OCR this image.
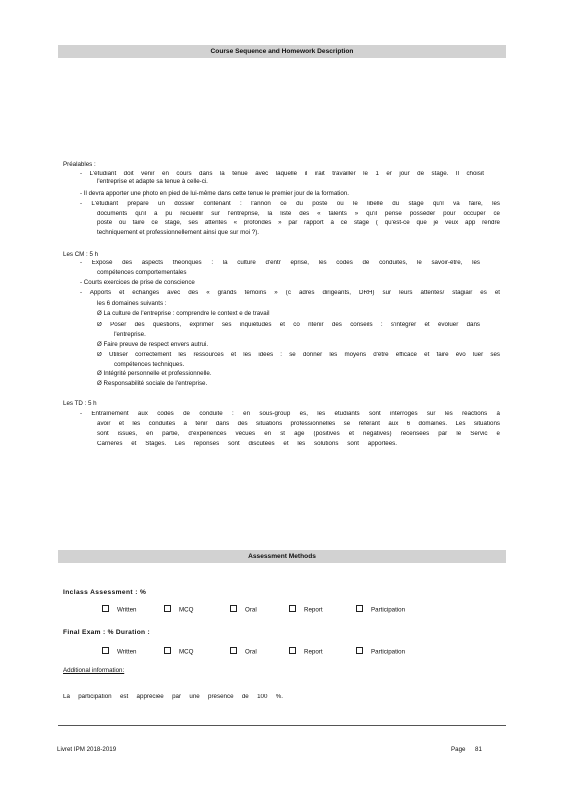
Course Sequence and Homework Description
Préalables :
- L'étudiant doit venir en cours dans la tenue avec laquelle il irait travailler le 1 er jour de stage. Il choisit
l'entreprise et adapte sa tenue à celle-ci.
- Il devra apporter une photo en pied de lui-même dans cette tenue le premier jour de la formation.
- L'étudiant prépare un dossier contenant : l'annon ce du poste ou le libellé du stage qu'il va faire, les
documents qu'il a pu recueillir sur l'entreprise, la liste des « talents » qu'il pense posséder pour occuper ce
poste ou faire ce stage, ses attentes « profondes » par rapport à ce stage ( qu'est-ce que je veux app rendre
techniquement et professionnellement ainsi que sur moi ?).
Les CM : 5 h
- Exposé des aspects théoriques : la culture d'entr eprise, les codes de conduites, le savoir-être, les
compétences comportementales
- Courts exercices de prise de conscience
- Apports et échanges avec des « grands témoins » (c adres dirigeants, DRH) sur leurs attentes/ stagiair es et
les 6 domaines suivants :
Ø La culture de l'entreprise : comprendre le context e de travail
Ø Poser des questions, exprimer ses inquiétudes et co ntenir des conseils : s'intégrer et évoluer dans
l'entreprise.
Ø Faire preuve de respect envers autrui.
Ø Utiliser correctement les ressources et les idées : se donner les moyens d'être efficace et faire évo luer ses
compétences techniques.
Ø Intégrité personnelle et professionnelle.
Ø Responsabilité sociale de l'entreprise.
Les TD : 5 h
- Entraînement aux codes de conduite : en sous-group es, les étudiants sont interrogés sur les réactions à
avoir et les conduites à tenir dans des situations professionnelles se référant aux 6 domaines. Les situations
sont issues, en partie, d'expériences vécues en st age (positives et négatives) recensées par le Servic e
Carrières et Stages. Les réponses sont discutées et les solutions sont apportées.
Assessment Methods
Inclass Assessment : %
Written	MCQ	Oral	Report	Participation
Final Exam : % Duration :
Written	MCQ	Oral	Report	Participation
Additional information:
La participation est appréciée par une présence de 100 %.
Livret IPM 2018-2019	Page 81
